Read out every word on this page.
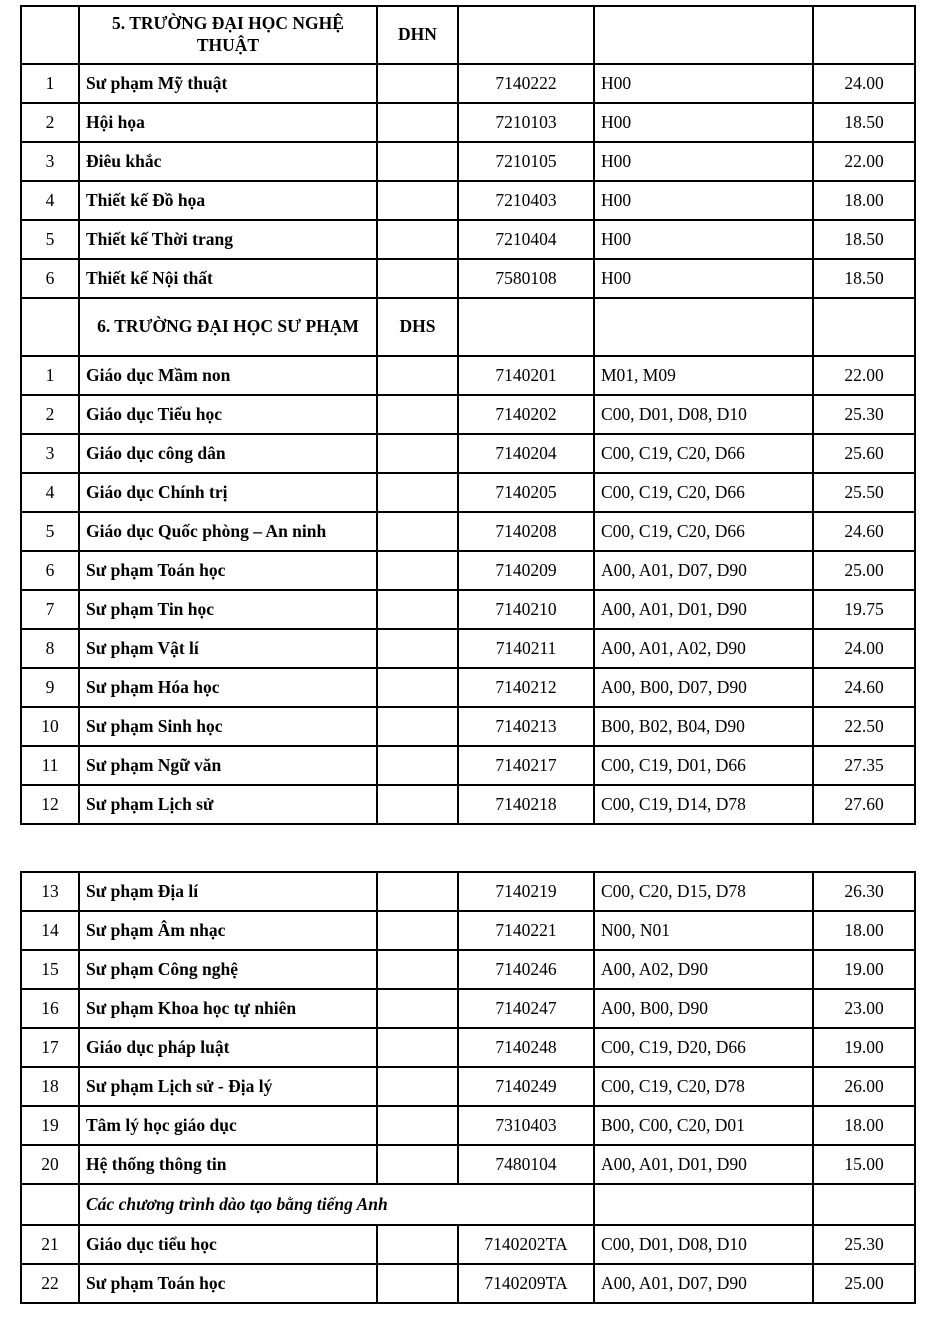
	5. TRƯỜNG ĐẠI HỌC NGHỆ THUẬT	DHN			
1	Sư phạm Mỹ thuật		7140222	H00	24.00
2	Hội họa		7210103	H00	18.50
3	Điêu khắc		7210105	H00	22.00
4	Thiết kế Đồ họa		7210403	H00	18.00
5	Thiết kế Thời trang		7210404	H00	18.50
6	Thiết kế Nội thất		7580108	H00	18.50
	6. TRƯỜNG ĐẠI HỌC SƯ PHẠM	DHS			
1	Giáo dục Mầm non		7140201	M01, M09	22.00
2	Giáo dục Tiểu học		7140202	C00, D01, D08, D10	25.30
3	Giáo dục công dân		7140204	C00, C19, C20, D66	25.60
4	Giáo dục Chính trị		7140205	C00, C19, C20, D66	25.50
5	Giáo dục Quốc phòng – An ninh		7140208	C00, C19, C20, D66	24.60
6	Sư phạm Toán học		7140209	A00, A01, D07, D90	25.00
7	Sư phạm Tin học		7140210	A00, A01, D01, D90	19.75
8	Sư phạm Vật lí		7140211	A00, A01, A02, D90	24.00
9	Sư phạm Hóa học		7140212	A00, B00, D07, D90	24.60
10	Sư phạm Sinh học		7140213	B00, B02, B04, D90	22.50
11	Sư phạm Ngữ văn		7140217	C00, C19, D01, D66	27.35
12	Sư phạm Lịch sử		7140218	C00, C19, D14, D78	27.60
13	Sư phạm Địa lí		7140219	C00, C20, D15, D78	26.30
14	Sư phạm Âm nhạc		7140221	N00, N01	18.00
15	Sư phạm Công nghệ		7140246	A00, A02, D90	19.00
16	Sư phạm Khoa học tự nhiên		7140247	A00, B00, D90	23.00
17	Giáo dục pháp luật		7140248	C00, C19, D20, D66	19.00
18	Sư phạm Lịch sử - Địa lý		7140249	C00, C19, C20, D78	26.00
19	Tâm lý học giáo dục		7310403	B00, C00, C20, D01	18.00
20	Hệ thống thông tin		7480104	A00, A01, D01, D90	15.00
	Các chương trình dào tạo bằng tiếng Anh				
21	Giáo dục tiểu học		7140202TA	C00, D01, D08, D10	25.30
22	Sư phạm Toán học		7140209TA	A00, A01, D07, D90	25.00
